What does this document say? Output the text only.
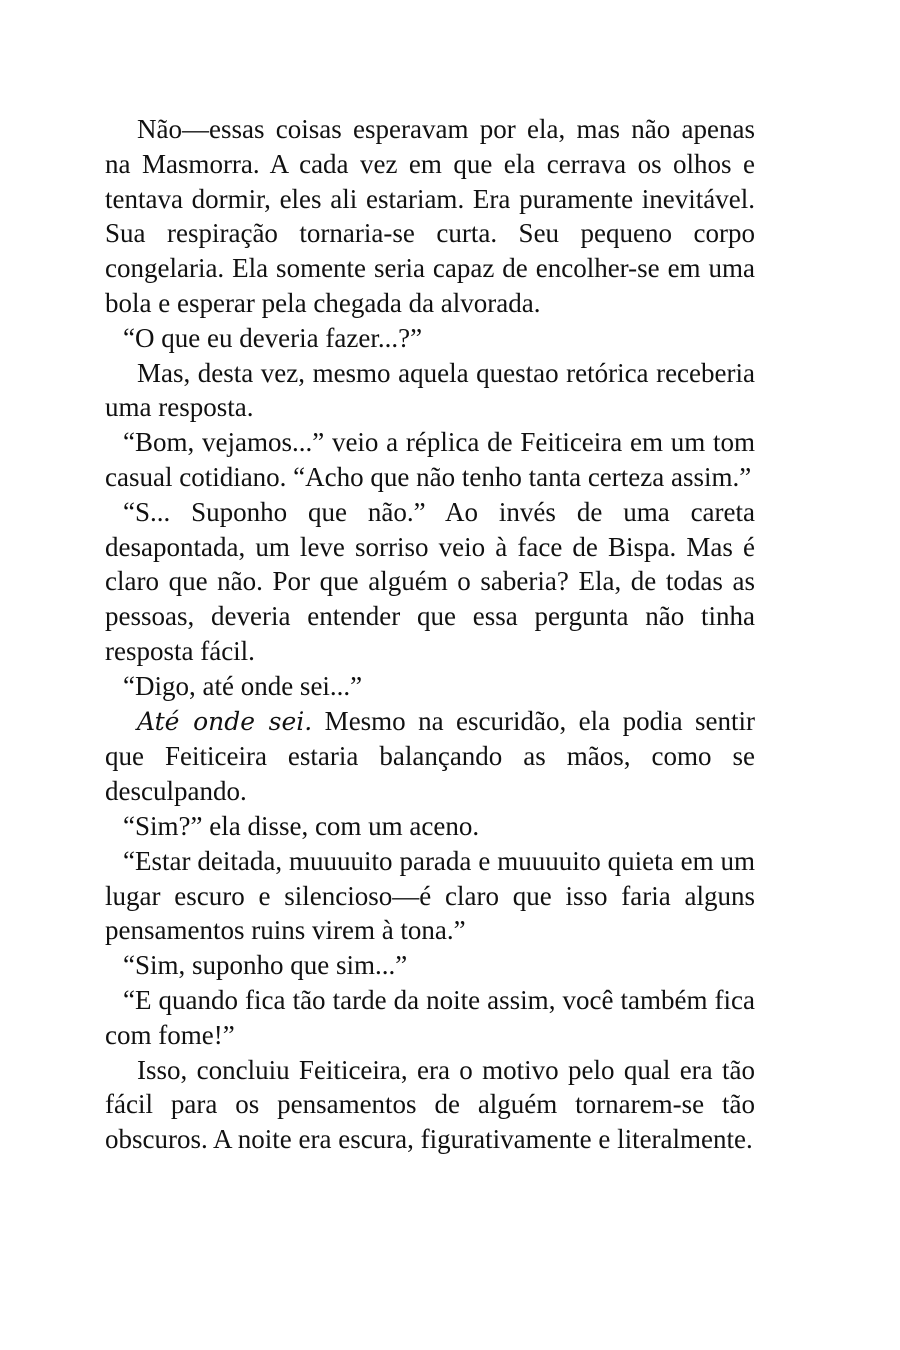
Não—essas coisas esperavam por ela, mas não apenas na Masmorra. A cada vez em que ela cerrava os olhos e tentava dormir, eles ali estariam. Era puramente inevitável. Sua respiração tornaria-se curta. Seu pequeno corpo congelaria. Ela somente seria capaz de encolher-se em uma bola e esperar pela chegada da alvorada.

“O que eu deveria fazer...?”

Mas, desta vez, mesmo aquela questao retórica receberia uma resposta.

“Bom, vejamos...” veio a réplica de Feiticeira em um tom casual cotidiano. “Acho que não tenho tanta certeza assim.”

“S... Suponho que não.” Ao invés de uma careta desapontada, um leve sorriso veio à face de Bispa. Mas é claro que não. Por que alguém o saberia? Ela, de todas as pessoas, deveria entender que essa pergunta não tinha resposta fácil.

“Digo, até onde sei...”

Até onde sei. Mesmo na escuridão, ela podia sentir que Feiticeira estaria balançando as mãos, como se desculpando.

“Sim?” ela disse, com um aceno.

“Estar deitada, muuuuito parada e muuuuito quieta em um lugar escuro e silencioso—é claro que isso faria alguns pensamentos ruins virem à tona.”

“Sim, suponho que sim...”

“E quando fica tão tarde da noite assim, você também fica com fome!”

Isso, concluiu Feiticeira, era o motivo pelo qual era tão fácil para os pensamentos de alguém tornarem-se tão obscuros. A noite era escura, figurativamente e literalmente.
